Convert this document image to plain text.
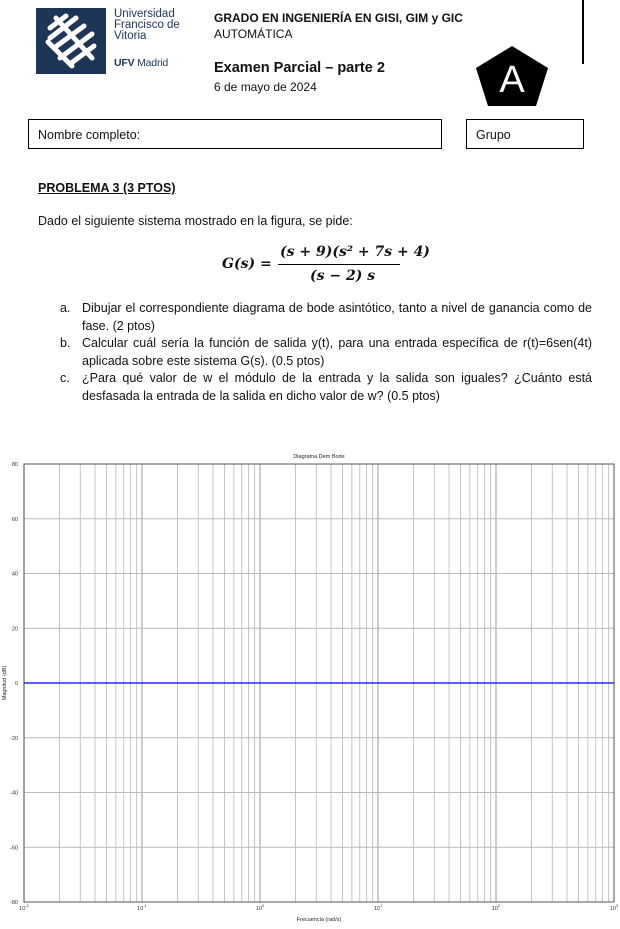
Universidad
Francisco de
Vitoria
UFV Madrid
GRADO EN INGENIERÍA EN GISI, GIM y GIC
AUTOMÁTICA
Examen Parcial – parte 2
6 de mayo de 2024	A
Nombre completo:	Grupo
PROBLEMA 3 (3 PTOS)
Dado el siguiente sistema mostrado en la figura, se pide:
G(s) =
(s + 9)(s² + 7s + 4)
(s − 2) s
a. Dibujar el correspondiente diagrama de bode asintótico, tanto a nivel de ganancia como de fase. (2 ptos)
b. Calcular cuál sería la función de salida y(t), para una entrada específica de r(t)=6sen(4t) aplicada sobre este sistema G(s). (0.5 ptos)
c. ¿Para qué valor de w el módulo de la entrada y la salida son iguales? ¿Cuánto está desfasada la entrada de la salida en dicho valor de w? (0.5 ptos)
-80
-60
-40
-20
0
20
40
60
80
$10^{-2}$
$10^{-1}$
$10^0$
$10^1$
$10^2$
$10^3$
Diagrama Dem Bode
Frecuencia (rad/s)
Magnitud (dB)
